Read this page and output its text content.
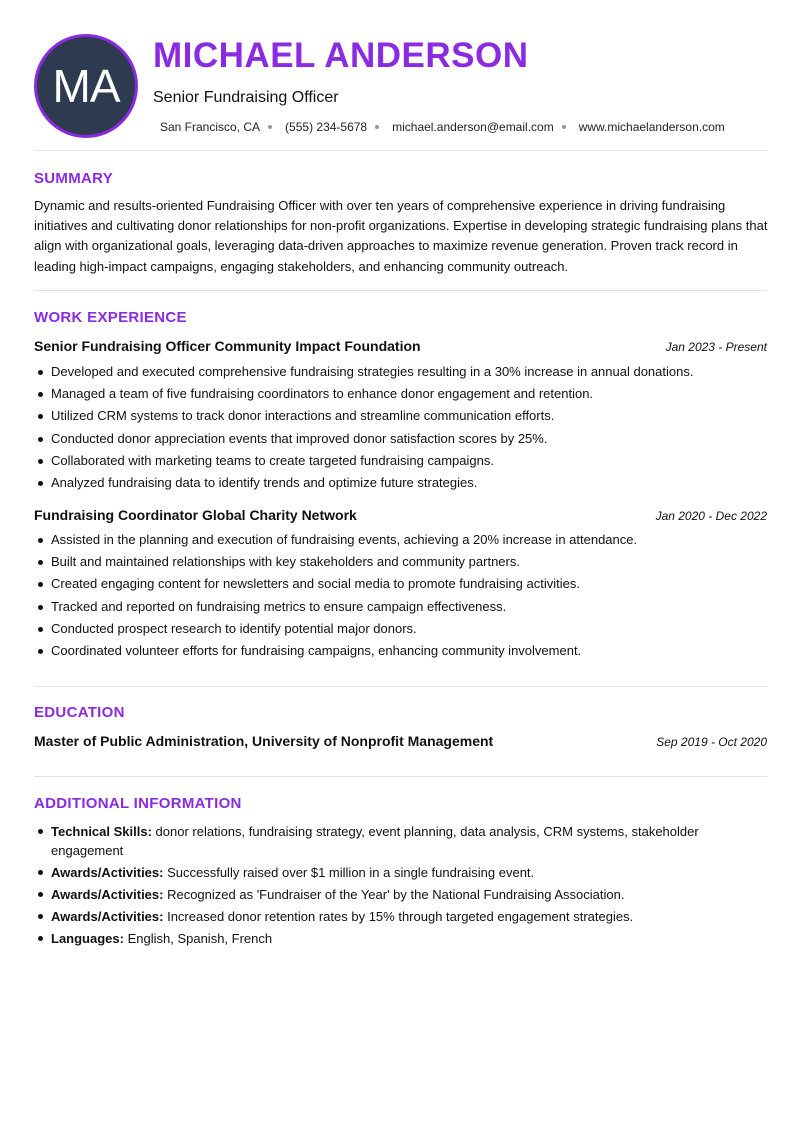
MA
MICHAEL ANDERSON
Senior Fundraising Officer
San Francisco, CA (555) 234-5678 michael.anderson@email.com www.michaelanderson.com
SUMMARY

Dynamic and results-oriented Fundraising Officer with over ten years of comprehensive experience in driving fundraising initiatives and cultivating donor relationships for non-profit organizations. Expertise in developing strategic fundraising plans that align with organizational goals, leveraging data-driven approaches to maximize revenue generation. Proven track record in leading high-impact campaigns, engaging stakeholders, and enhancing community outreach.

WORK EXPERIENCE
Senior Fundraising Officer Community Impact Foundation	Jan 2023 - Present
Developed and executed comprehensive fundraising strategies resulting in a 30% increase in annual donations.
Managed a team of five fundraising coordinators to enhance donor engagement and retention.
Utilized CRM systems to track donor interactions and streamline communication efforts.
Conducted donor appreciation events that improved donor satisfaction scores by 25%.
Collaborated with marketing teams to create targeted fundraising campaigns.
Analyzed fundraising data to identify trends and optimize future strategies.
Fundraising Coordinator Global Charity Network	Jan 2020 - Dec 2022
Assisted in the planning and execution of fundraising events, achieving a 20% increase in attendance.
Built and maintained relationships with key stakeholders and community partners.
Created engaging content for newsletters and social media to promote fundraising activities.
Tracked and reported on fundraising metrics to ensure campaign effectiveness.
Conducted prospect research to identify potential major donors.
Coordinated volunteer efforts for fundraising campaigns, enhancing community involvement.
EDUCATION
Master of Public Administration, University of Nonprofit Management	Sep 2019 - Oct 2020
ADDITIONAL INFORMATION
Technical Skills: donor relations, fundraising strategy, event planning, data analysis, CRM systems, stakeholder engagement
Awards/Activities: Successfully raised over $1 million in a single fundraising event.
Awards/Activities: Recognized as 'Fundraiser of the Year' by the National Fundraising Association.
Awards/Activities: Increased donor retention rates by 15% through targeted engagement strategies.
Languages: English, Spanish, French
